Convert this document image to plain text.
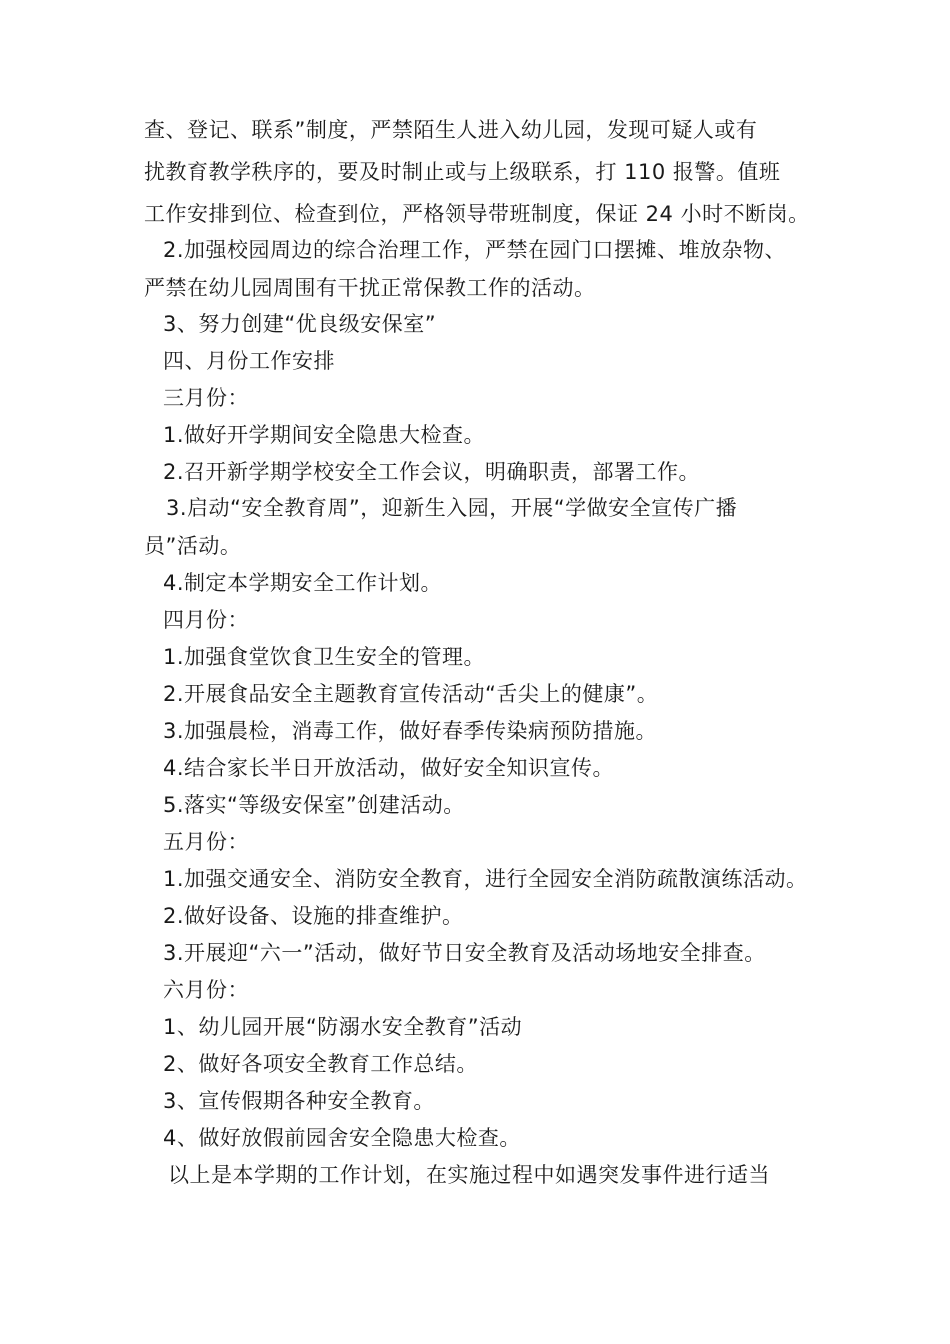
查、登记、联系”制度，严禁陌生人进入幼儿园，发现可疑人或有
扰教育教学秩序的，要及时制止或与上级联系，打 110 报警。值班
工作安排到位、检查到位，严格领导带班制度，保证 24 小时不断岗。
2.加强校园周边的综合治理工作，严禁在园门口摆摊、堆放杂物、
严禁在幼儿园周围有干扰正常保教工作的活动。
3、努力创建“优良级安保室”
四、月份工作安排
三月份：
1.做好开学期间安全隐患大检查。
2.召开新学期学校安全工作会议，明确职责，部署工作。
3.启动“安全教育周”，迎新生入园，开展“学做安全宣传广播
员”活动。
4.制定本学期安全工作计划。
四月份：
1.加强食堂饮食卫生安全的管理。
2.开展食品安全主题教育宣传活动“舌尖上的健康”。
3.加强晨检，消毒工作，做好春季传染病预防措施。
4.结合家长半日开放活动，做好安全知识宣传。
5.落实“等级安保室”创建活动。
五月份：
1.加强交通安全、消防安全教育，进行全园安全消防疏散演练活动。
2.做好设备、设施的排查维护。
3.开展迎“六一”活动，做好节日安全教育及活动场地安全排查。
六月份：
1、幼儿园开展“防溺水安全教育”活动
2、做好各项安全教育工作总结。
3、宣传假期各种安全教育。
4、做好放假前园舍安全隐患大检查。
以上是本学期的工作计划，在实施过程中如遇突发事件进行适当
